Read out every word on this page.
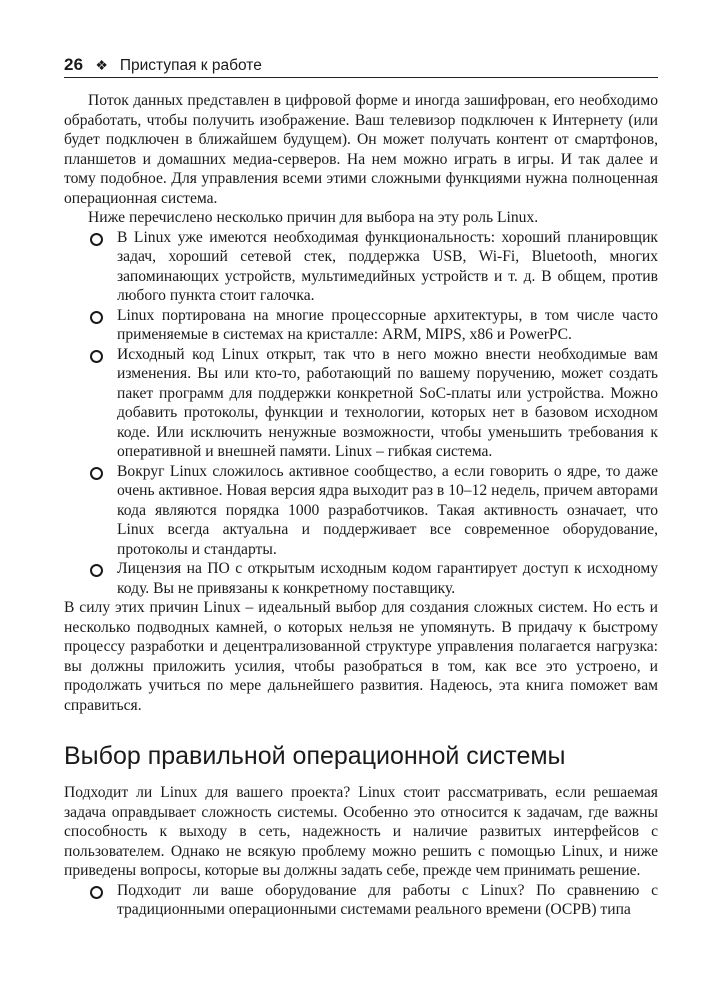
26 ❖ Приступая к работе

Поток данных представлен в цифровой форме и иногда зашифрован, его необходимо обработать, чтобы получить изображение. Ваш телевизор подключен к Интернету (или будет подключен в ближайшем будущем). Он может получать контент от смартфонов, планшетов и домашних медиа-серверов. На нем можно играть в игры. И так далее и тому подобное. Для управления всеми этими сложными функциями нужна полноценная операционная система.

Ниже перечислено несколько причин для выбора на эту роль Linux.

В Linux уже имеются необходимая функциональность: хороший планировщик задач, хороший сетевой стек, поддержка USB, Wi-Fi, Bluetooth, многих запоминающих устройств, мультимедийных устройств и т. д. В общем, против любого пункта стоит галочка.
Linux портирована на многие процессорные архитектуры, в том числе часто применяемые в системах на кристалле: ARM, MIPS, x86 и PowerPC.
Исходный код Linux открыт, так что в него можно внести необходимые вам изменения. Вы или кто-то, работающий по вашему поручению, может создать пакет программ для поддержки конкретной SoC-платы или устройства. Можно добавить протоколы, функции и технологии, которых нет в базовом исходном коде. Или исключить ненужные возможности, чтобы уменьшить требования к оперативной и внешней памяти. Linux – гибкая система.
Вокруг Linux сложилось активное сообщество, а если говорить о ядре, то даже очень активное. Новая версия ядра выходит раз в 10–12 недель, причем авторами кода являются порядка 1000 разработчиков. Такая активность означает, что Linux всегда актуальна и поддерживает все современное оборудование, протоколы и стандарты.
Лицензия на ПО с открытым исходным кодом гарантирует доступ к исходному коду. Вы не привязаны к конкретному поставщику.

В силу этих причин Linux – идеальный выбор для создания сложных систем. Но есть и несколько подводных камней, о которых нельзя не упомянуть. В придачу к быстрому процессу разработки и децентрализованной структуре управления полагается нагрузка: вы должны приложить усилия, чтобы разобраться в том, как все это устроено, и продолжать учиться по мере дальнейшего развития. Надеюсь, эта книга поможет вам справиться.

Выбор правильной операционной системы

Подходит ли Linux для вашего проекта? Linux стоит рассматривать, если решаемая задача оправдывает сложность системы. Особенно это относится к задачам, где важны способность к выходу в сеть, надежность и наличие развитых интерфейсов с пользователем. Однако не всякую проблему можно решить с помощью Linux, и ниже приведены вопросы, которые вы должны задать себе, прежде чем принимать решение.

Подходит ли ваше оборудование для работы с Linux? По сравнению с традиционными операционными системами реального времени (ОСРВ) типа
